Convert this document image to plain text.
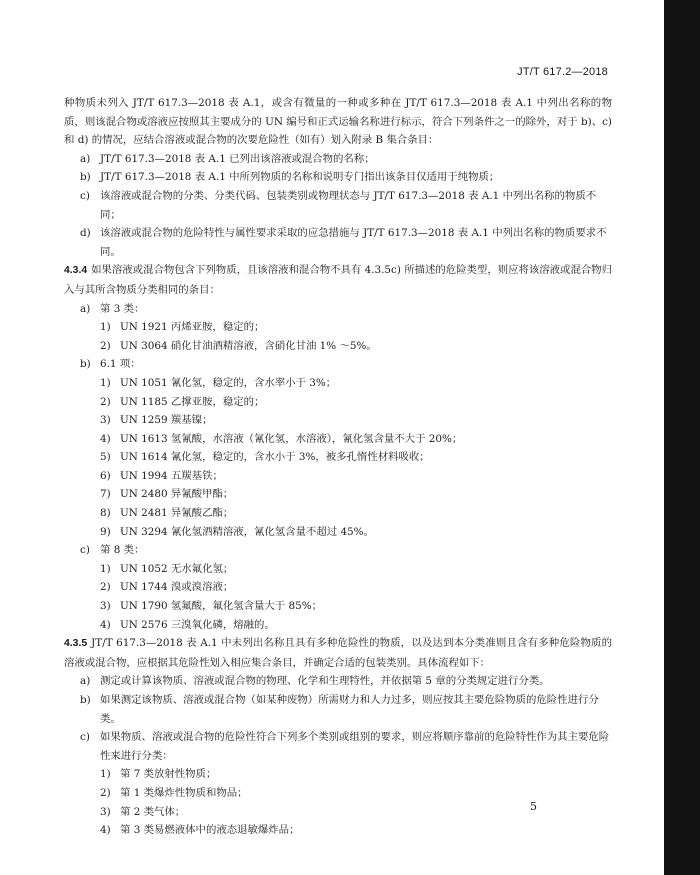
JT/T 617.2—2018

种物质未列入 JT/T 617.3—2018 表 A.1，或含有微量的一种或多种在 JT/T 617.3—2018 表 A.1 中列出名称的物质，则该混合物或溶液应按照其主要成分的 UN 编号和正式运输名称进行标示，符合下列条件之一的除外，对于 b)、c) 和 d) 的情况，应结合溶液或混合物的次要危险性（如有）划入附录 B 集合条目：

a) JT/T 617.3—2018 表 A.1 已列出该溶液或混合物的名称；

b) JT/T 617.3—2018 表 A.1 中所列物质的名称和说明专门指出该条目仅适用于纯物质；

c) 该溶液或混合物的分类、分类代码、包装类别或物理状态与 JT/T 617.3—2018 表 A.1 中列出名称的物质不同；

d) 该溶液或混合物的危险特性与属性要求采取的应急措施与 JT/T 617.3—2018 表 A.1 中列出名称的物质要求不同。

4.3.4 如果溶液或混合物包含下列物质，且该溶液和混合物不具有 4.3.5c) 所描述的危险类型，则应将该溶液或混合物归入与其所含物质分类相同的条目：

a) 第 3 类：

1) UN 1921 丙烯亚胺，稳定的；

2) UN 3064 硝化甘油酒精溶液，含硝化甘油 1% ～5%。

b) 6.1 项：

1) UN 1051 氰化氢，稳定的，含水率小于 3%；

2) UN 1185 乙撑亚胺，稳定的；

3) UN 1259 羰基镍；

4) UN 1613 氢氰酸，水溶液（氰化氢，水溶液），氰化氢含量不大于 20%；

5) UN 1614 氰化氢，稳定的，含水小于 3%，被多孔惰性材料吸收；

6) UN 1994 五羰基铁；

7) UN 2480 异氰酸甲酯；

8) UN 2481 异氰酸乙酯；

9) UN 3294 氰化氢酒精溶液，氰化氢含量不超过 45%。

c) 第 8 类：

1) UN 1052 无水氟化氢；

2) UN 1744 溴或溴溶液；

3) UN 1790 氢氟酸，氟化氢含量大于 85%；

4) UN 2576 三溴氧化磷，熔融的。

4.3.5 JT/T 617.3—2018 表 A.1 中未列出名称且具有多种危险性的物质，以及达到本分类准则且含有多种危险物质的溶液或混合物，应根据其危险性划入相应集合条目，并确定合适的包装类别。具体流程如下：

a) 测定或计算该物质、溶液或混合物的物理、化学和生理特性，并依据第 5 章的分类规定进行分类。

b) 如果测定该物质、溶液或混合物（如某种废物）所需财力和人力过多，则应按其主要危险物质的危险性进行分类。

c) 如果物质、溶液或混合物的危险性符合下列多个类别或组别的要求，则应将顺序靠前的危险特性作为其主要危险性来进行分类：

1) 第 7 类放射性物质；

2) 第 1 类爆炸性物质和物品；

3) 第 2 类气体；

4) 第 3 类易燃液体中的液态退敏爆炸品；

5
